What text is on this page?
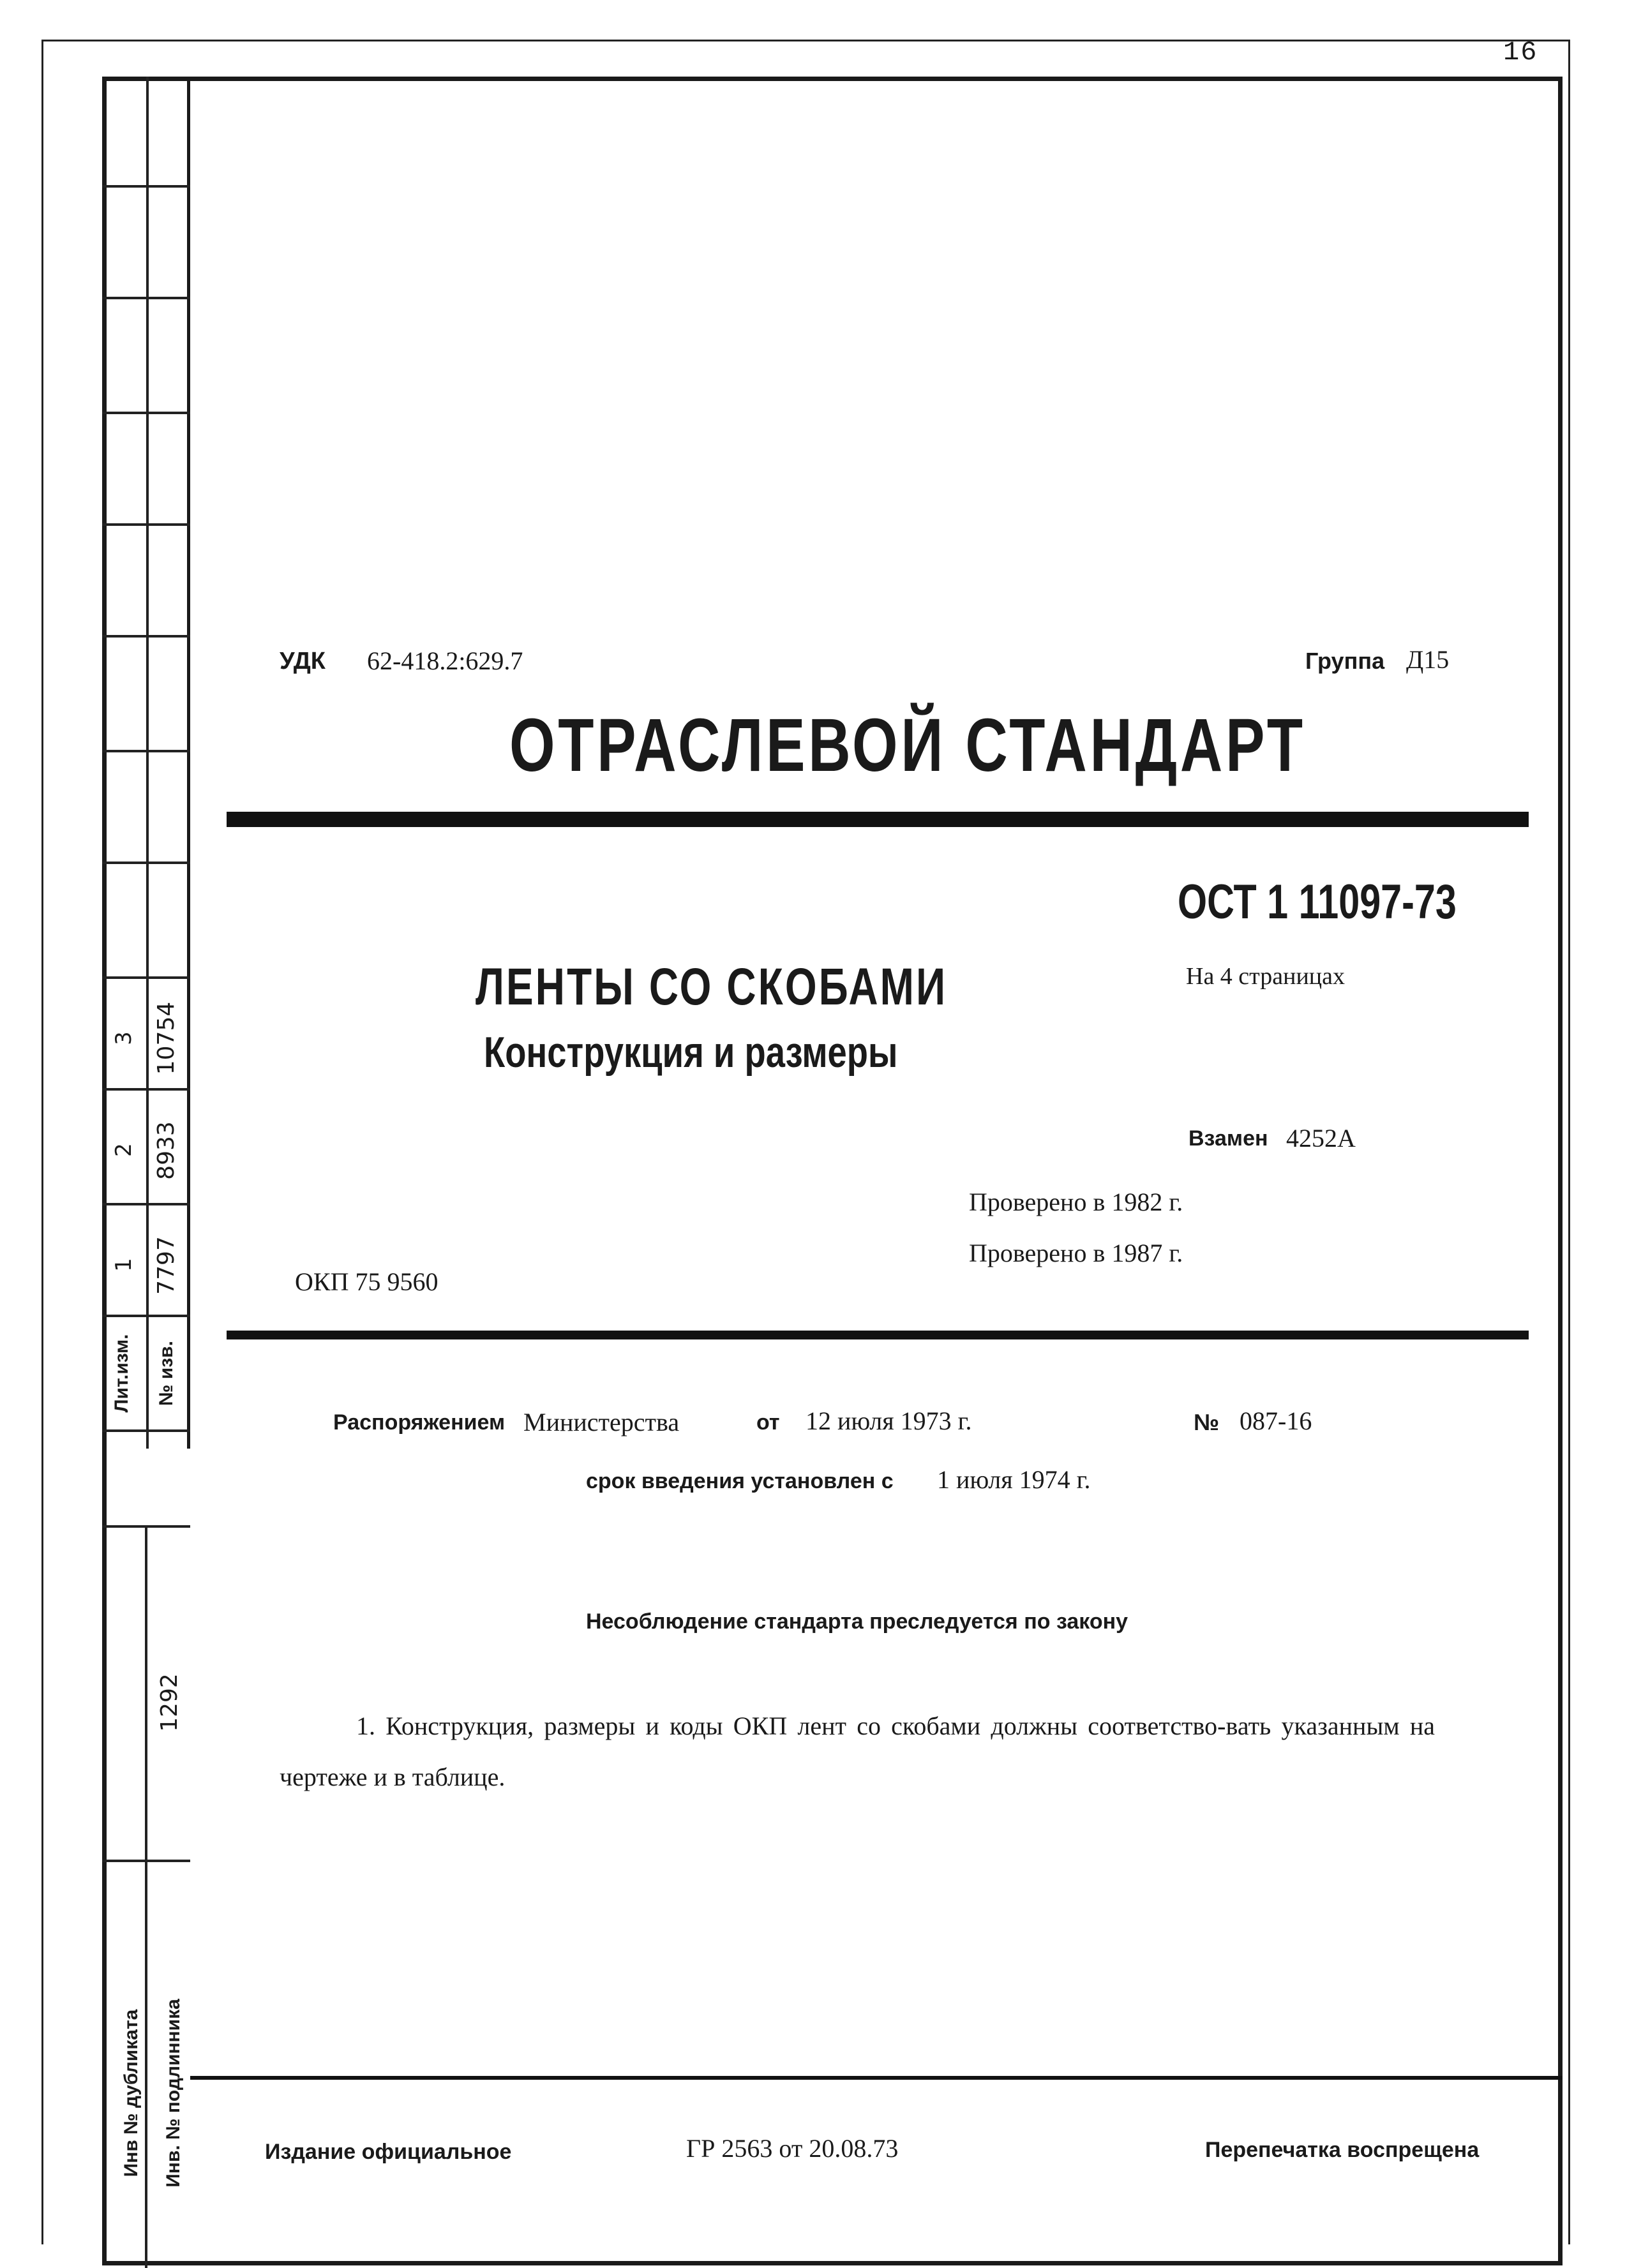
16
3 10754
2 8933
1 7797
Лит.изм. № изв.
1292
Инв № дубликата Инв. № подлинника
УДК 62-418.2:629.7	Группа Д15
ОТРАСЛЕВОЙ СТАНДАРТ
ОСТ 1 11097-73
На 4 страницах
ЛЕНТЫ СО СКОБАМИ
Конструкция и размеры
Взамен 4252А
Проверено в 1982 г.
Проверено в 1987 г.
ОКП 75 9560
Распоряжением Министерства	от 12 июля 1973 г.	№ 087-16
срок введения установлен с 1 июля 1974 г.
Несоблюдение стандарта преследуется по закону
1. Конструкция, размеры и коды ОКП лент со скобами должны соответство-вать указанным на чертеже и в таблице.
Издание официальное	ГР 2563 от 20.08.73	Перепечатка воспрещена
